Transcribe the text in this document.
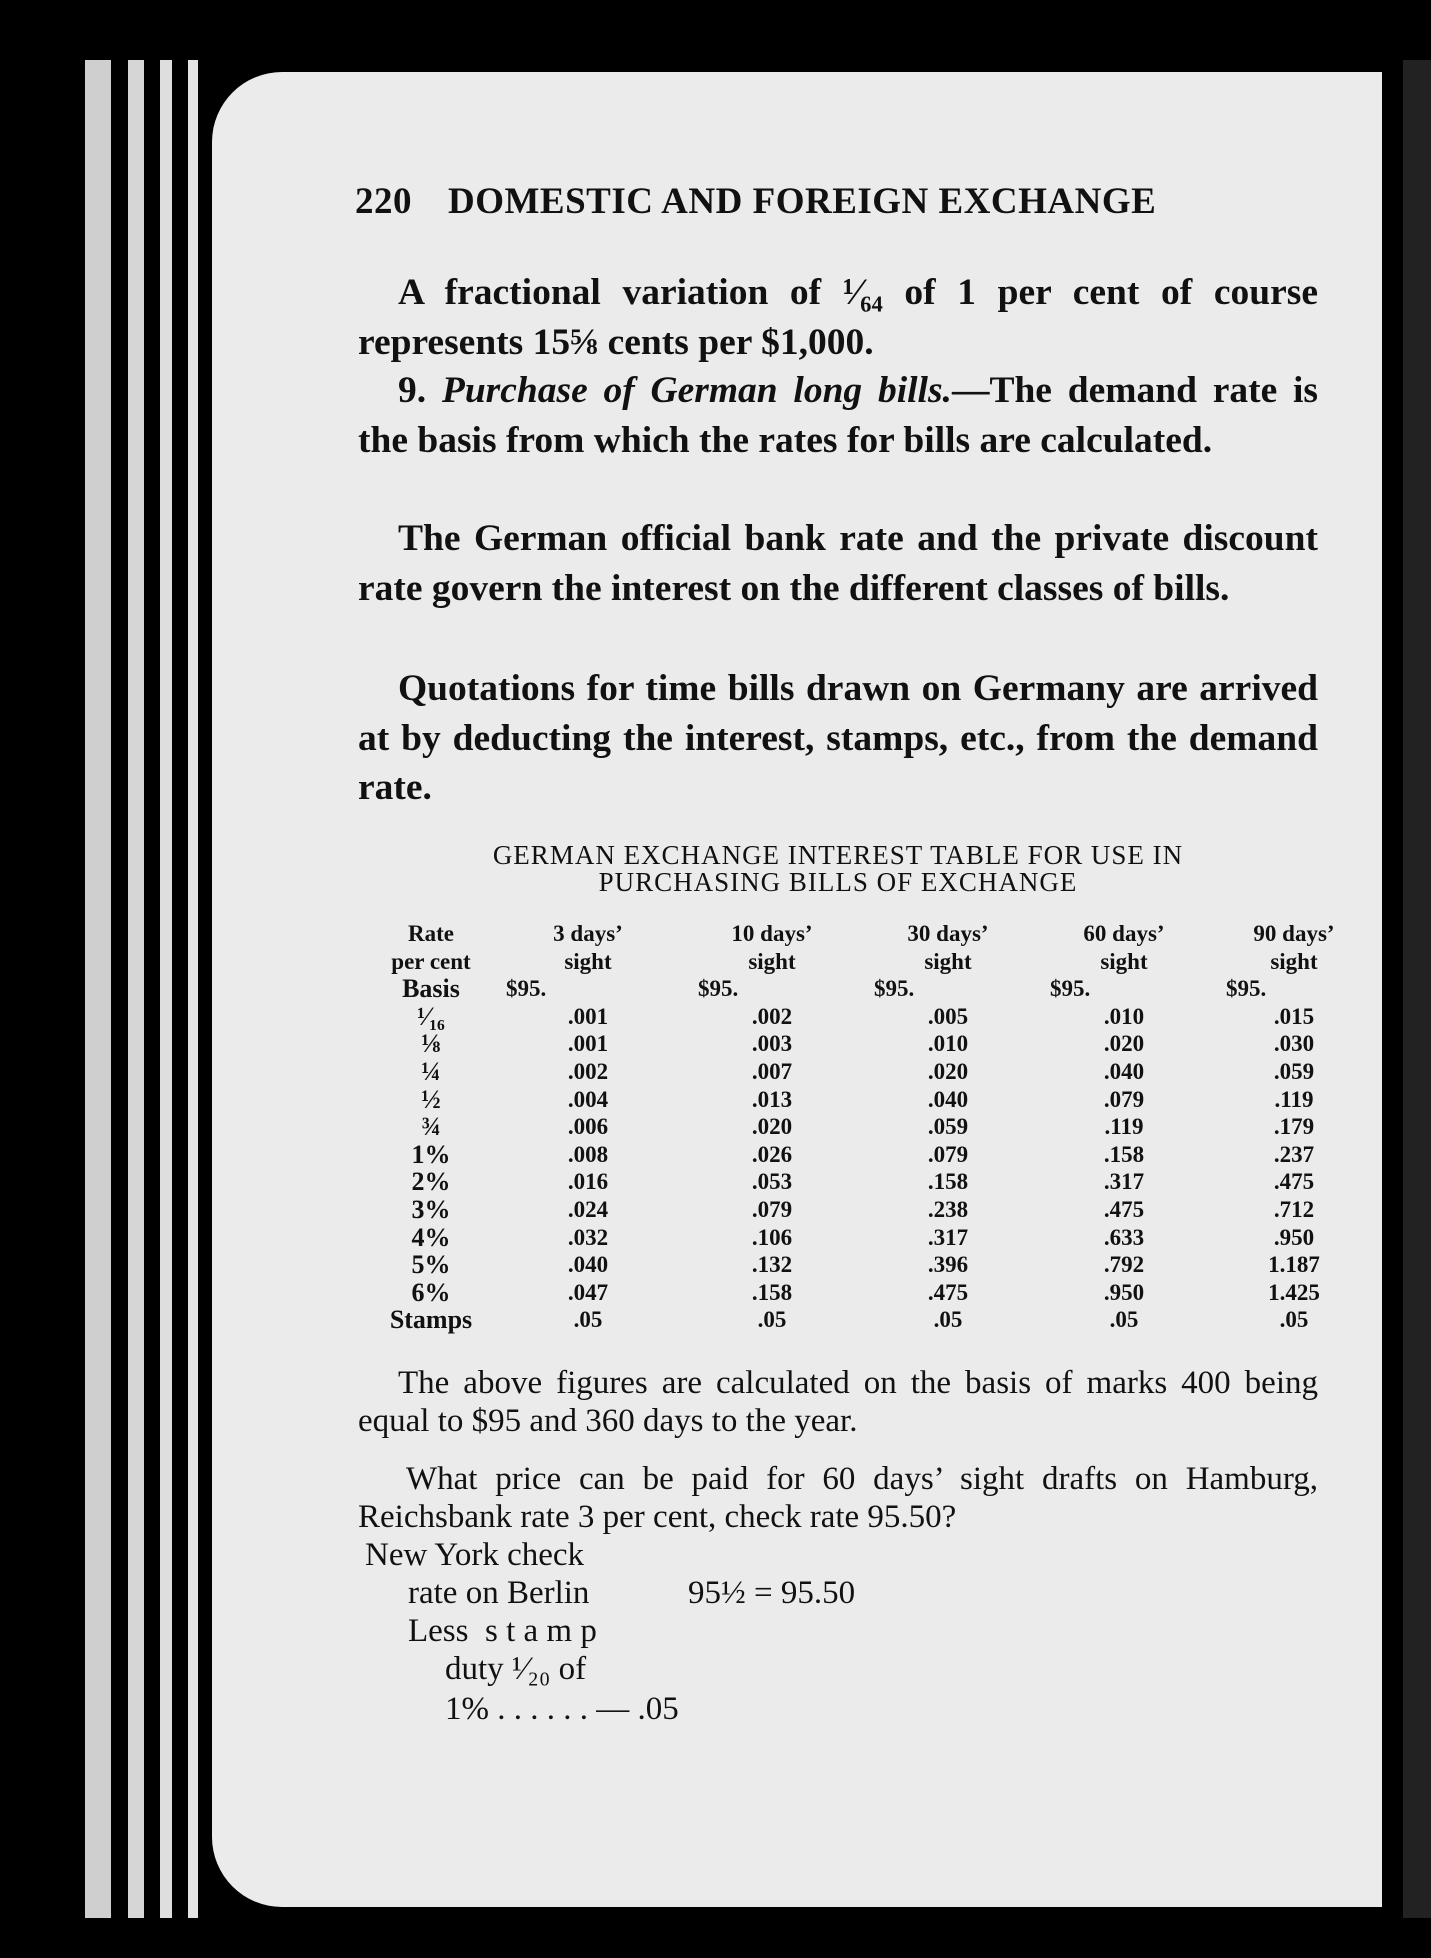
220 DOMESTIC AND FOREIGN EXCHANGE

A fractional variation of ¹⁄₆₄ of 1 per cent of course represents 15⅝ cents per $1,000.

9. Purchase of German long bills.—The demand rate is the basis from which the rates for bills are calculated.

The German official bank rate and the private discount rate govern the interest on the different classes of bills.

Quotations for time bills drawn on Germany are arrived at by deducting the interest, stamps, etc., from the demand rate.

GERMAN EXCHANGE INTEREST TABLE FOR USE IN
PURCHASING BILLS OF EXCHANGE
Rate	3 days’	10 days’	30 days’	60 days’	90 days’
per cent	sight	sight	sight	sight	sight
Basis	$95.	$95.	$95.	$95.	$95.
¹⁄₁₆	.001	.002	.005	.010	.015
⅛	.001	.003	.010	.020	.030
¼	.002	.007	.020	.040	.059
½	.004	.013	.040	.079	.119
¾	.006	.020	.059	.119	.179
1%	.008	.026	.079	.158	.237
2%	.016	.053	.158	.317	.475
3%	.024	.079	.238	.475	.712
4%	.032	.106	.317	.633	.950
5%	.040	.132	.396	.792	1.187
6%	.047	.158	.475	.950	1.425
Stamps	.05	.05	.05	.05	.05

The above figures are calculated on the basis of marks 400 being equal to $95 and 360 days to the year.

What price can be paid for 60 days’ sight drafts on Hamburg, Reichsbank rate 3 per cent, check rate 95.50?

New York check
rate on Berlin	95½ = 95.50
Less  s t a m p
duty ¹⁄₂₀ of
1% . . . . . . — .05
